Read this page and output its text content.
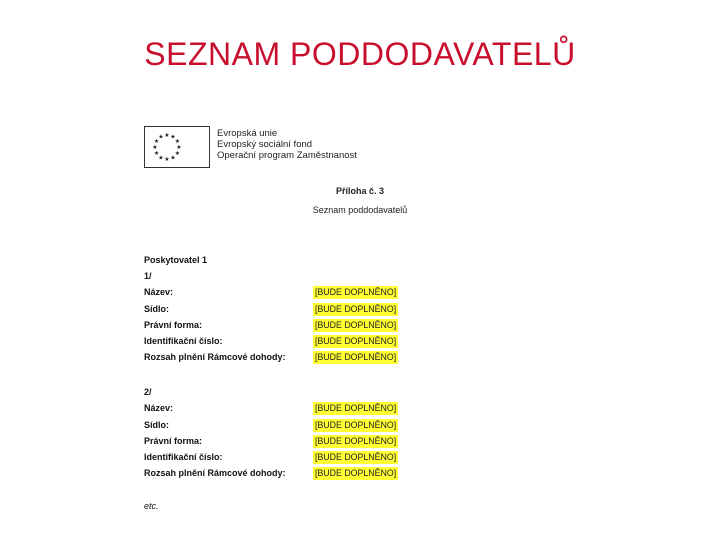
SEZNAM PODDODAVATELŮ
★ ★
★
★
★
★
★
★
★
★
★
★	Evropská unie
Evropský sociální fond
Operační program Zaměstnanost
Příloha č. 3
Seznam poddodavatelů
Poskytovatel 1
1/
Název:	[BUDE DOPLNĚNO]
Sídlo:	[BUDE DOPLNĚNO]
Právní forma:	[BUDE DOPLNĚNO]
Identifikační číslo:	[BUDE DOPLNĚNO]
Rozsah plnění Rámcové dohody:	[BUDE DOPLNĚNO]
2/
Název:	[BUDE DOPLNĚNO]
Sídlo:	[BUDE DOPLNĚNO]
Právní forma:	[BUDE DOPLNĚNO]
Identifikační číslo:	[BUDE DOPLNĚNO]
Rozsah plnění Rámcové dohody:	[BUDE DOPLNĚNO]
etc.
